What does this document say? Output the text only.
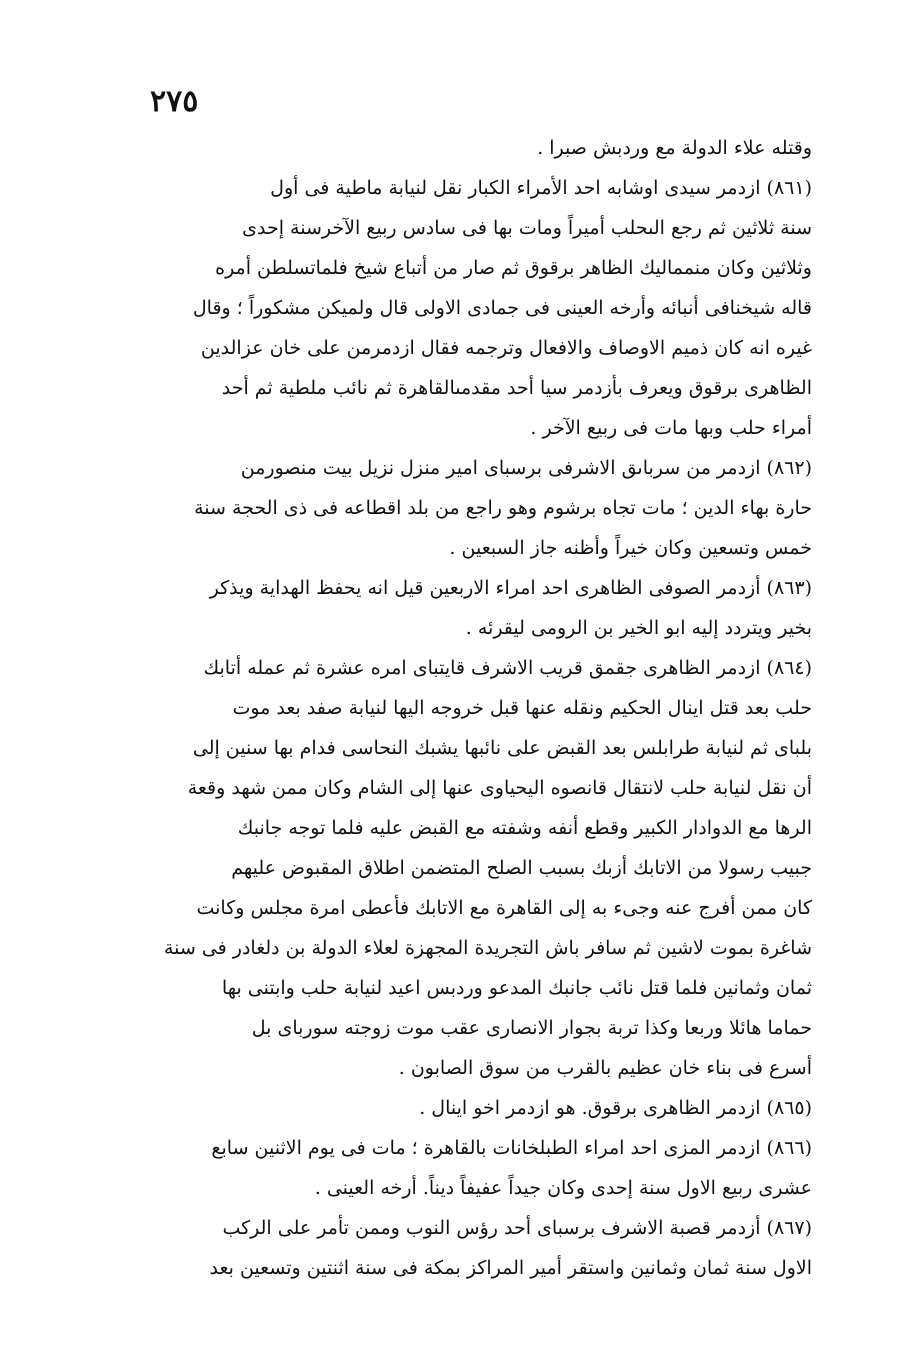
٢٧٥
وقتله علاء الدولة مع وردبش صبرا .
(٨٦١) ازدمر سيدى اوشابه احد الأمراء الكبار نقل لنيابة ماطية فى أول
سنة ثلاثين ثم رجع الىحلب أميراً ومات بها فى سادس ربيع الآخرسنة إحدى
وثلاثين وكان منمماليك الظاهر برقوق ثم صار من أتباع شيخ فلماتسلطن أمره
قاله شيخنافى أنبائه وأرخه العينى فى جمادى الاولى قال ولميكن مشكوراً ؛ وقال
غيره انه كان ذميم الاوصاف والافعال وترجمه فقال ازدمرمن على خان عزالدين
الظاهرى برقوق ويعرف بأزدمر سيا أحد مقدمىالقاهرة ثم نائب ملطية ثم أحد
أمراء حلب وبها مات فى ربيع الآخر .
(٨٦٢) ازدمر من سرباىق الاشرفى برسباى امير منزل نزيل بيت منصورمن
حارة بهاء الدين ؛ مات تجاه برشوم وهو راجع من بلد اقطاعه فى ذى الحجة سنة
خمس وتسعين وكان خيراً وأظنه جاز السبعين .
(٨٦٣) أزدمر الصوفى الظاهرى احد امراء الاربعين قيل انه يحفظ الهداية ويذكر
بخير ويتردد إليه ابو الخير بن الرومى ليقرئه .
(٨٦٤) ازدمر الظاهرى جقمق قريب الاشرف قايتباى امره عشرة ثم عمله أتابك
حلب بعد قتل اينال الحكيم ونقله عنها قبل خروجه اليها لنيابة صفد بعد موت
بلباى ثم لنيابة طرابلس بعد القبض على نائبها يشبك النحاسى فدام بها سنين إلى
أن نقل لنيابة حلب لانتقال قانصوه اليحياوى عنها إلى الشام وكان ممن شهد وقعة
الرها مع الدوادار الكبير وقطع أنفه وشفته مع القبض عليه فلما توجه جانبك
جبيب رسولا من الاتابك أزبك بسبب الصلح المتضمن اطلاق المقبوض عليهم
كان ممن أفرج عنه وجىء به إلى القاهرة مع الاتابك فأعطى امرة مجلس وكانت
شاغرة بموت لاشين ثم سافر باش التجريدة المجهزة لعلاء الدولة بن دلغادر فى سنة
ثمان وثمانين فلما قتل نائب جانبك المدعو وردبس اعيد لنيابة حلب وابتنى بها
حماما هائلا وربعا وكذا تربة بجوار الانصارى عقب موت زوجته سورباى بل
أسرع فى بناء خان عظيم بالقرب من سوق الصابون .
(٨٦٥) ازدمر الظاهرى برقوق. هو ازدمر اخو اينال .
(٨٦٦) ازدمر المزى احد امراء الطبلخانات بالقاهرة ؛ مات فى يوم الاثنين سابع
عشرى ربيع الاول سنة إحدى وكان جيداً عفيفاً ديناً. أرخه العينى .
(٨٦٧) أزدمر قصبة الاشرف برسباى أحد رؤس النوب وممن تأمر على الركب
الاول سنة ثمان وثمانين واستقر أمير المراكز بمكة فى سنة اثنتين وتسعين بعد
